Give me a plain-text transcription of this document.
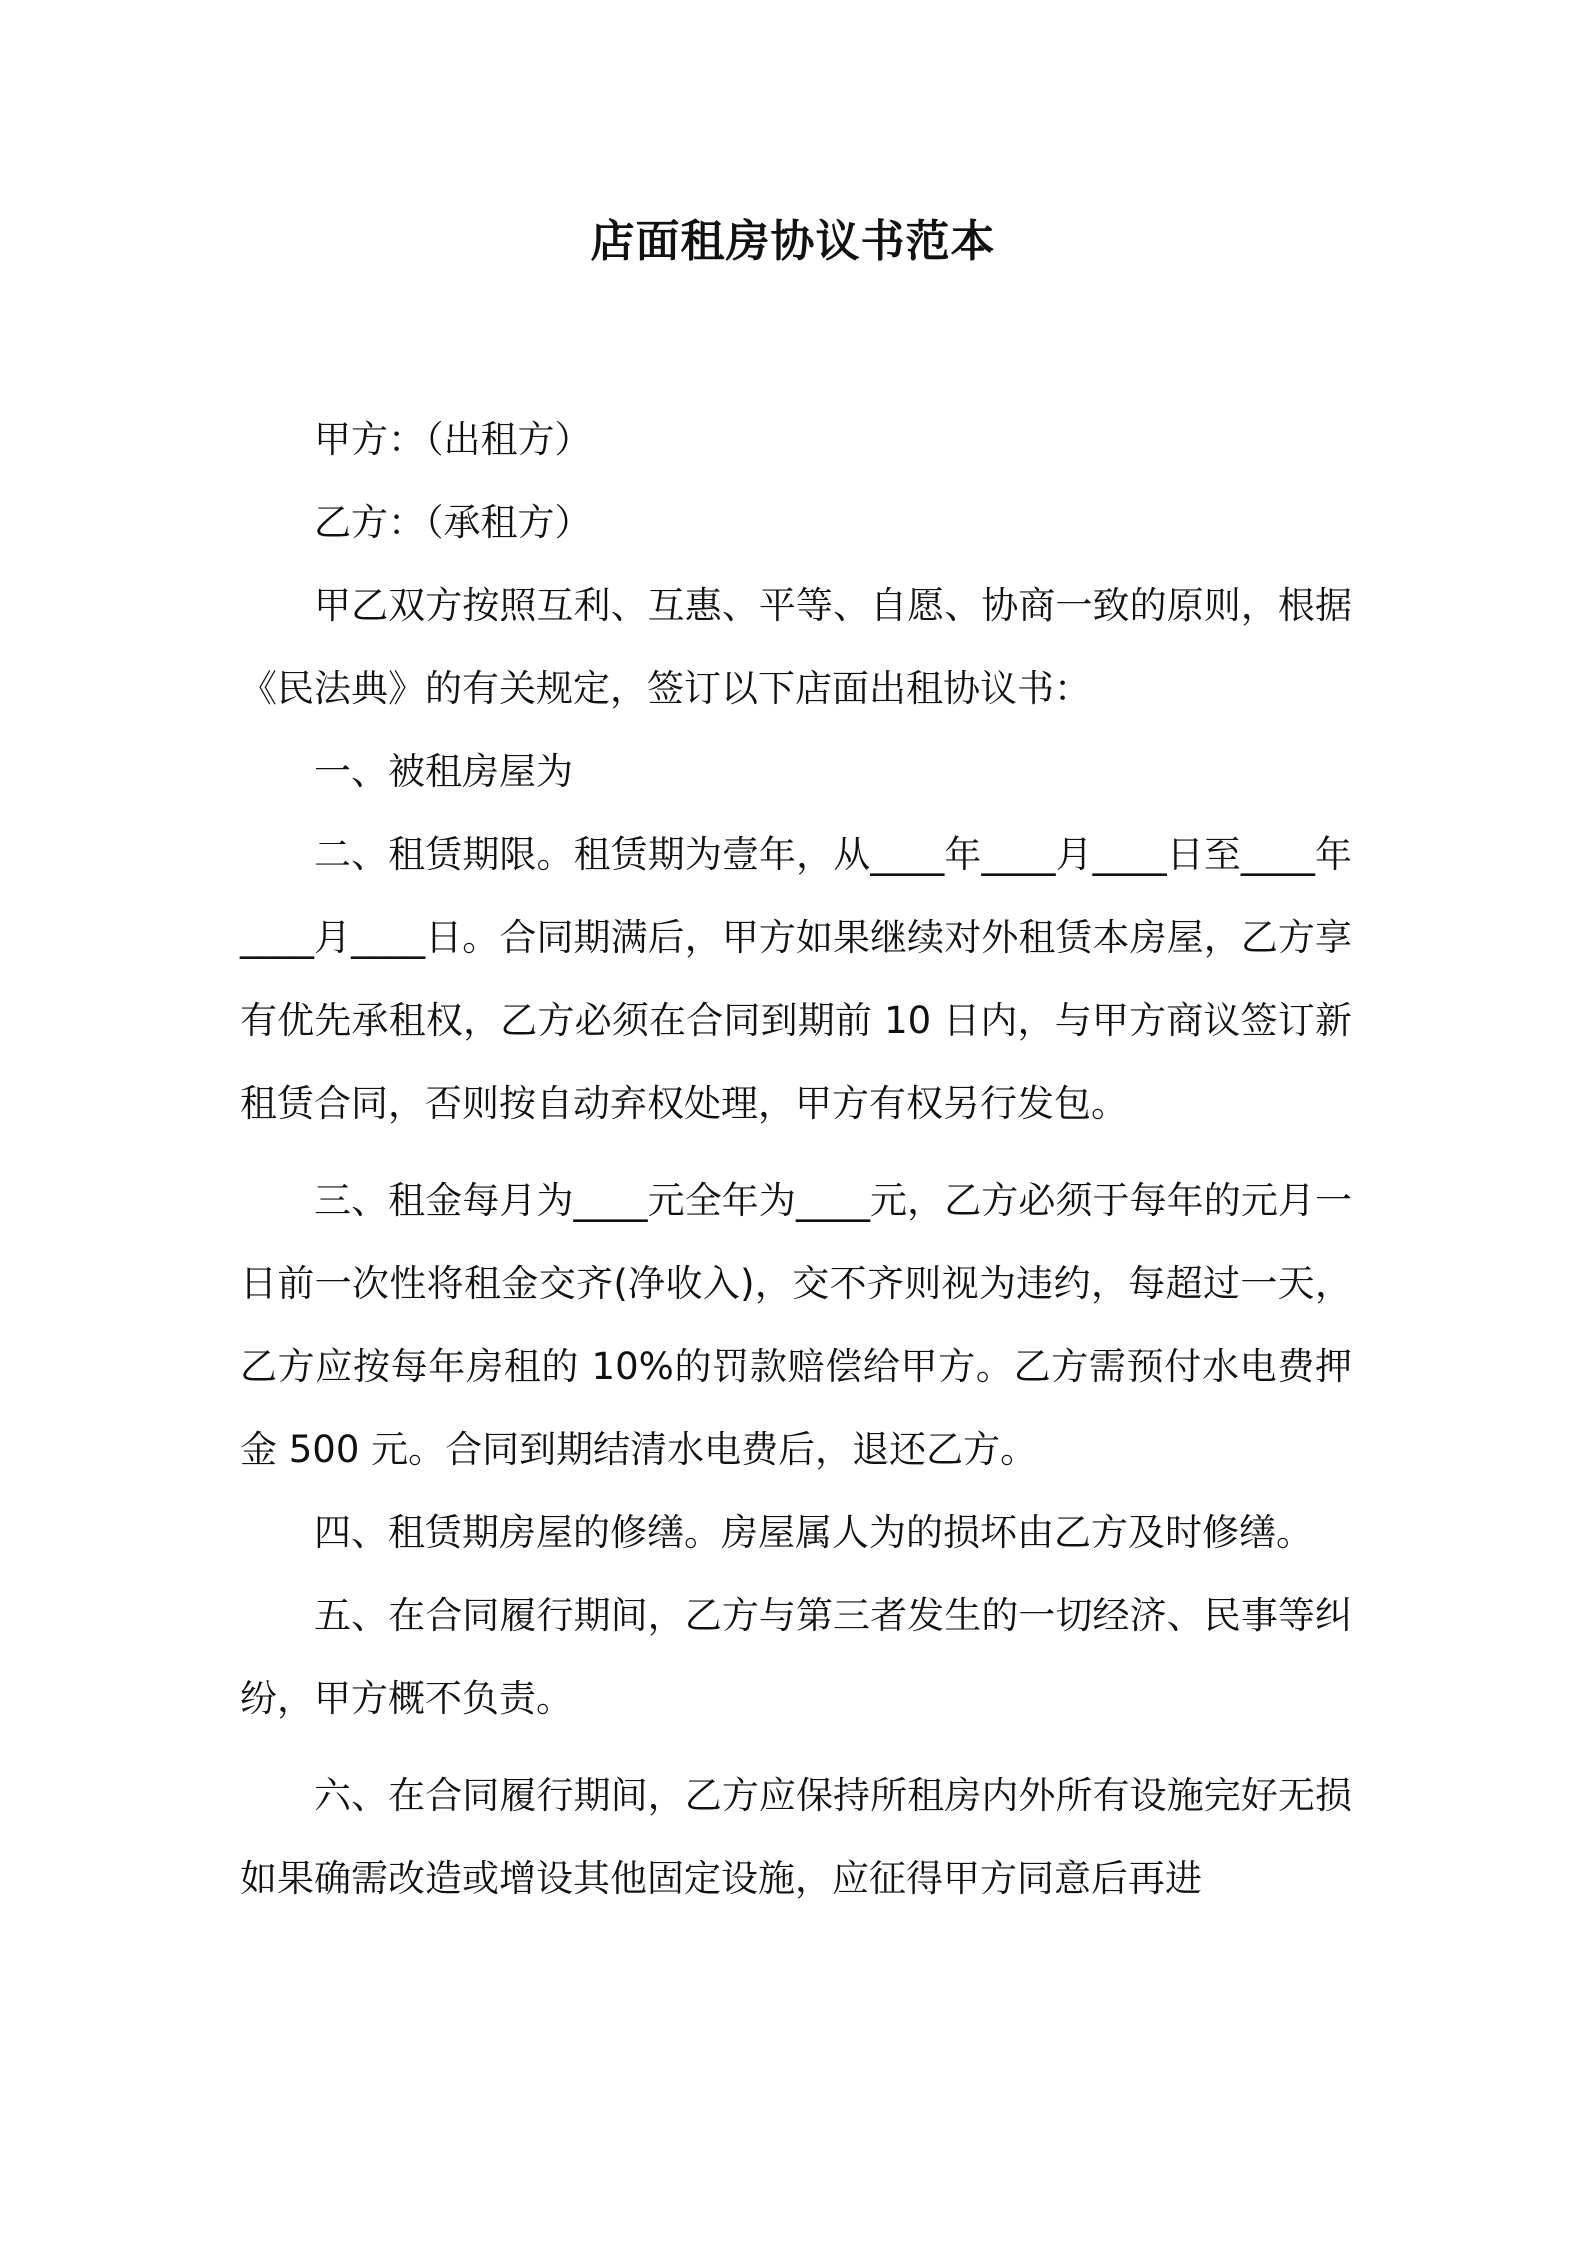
店面租房协议书范本

甲方：（出租方）

乙方：（承租方）

甲乙双方按照互利、互惠、平等、自愿、协商一致的原则，根据《民法典》的有关规定，签订以下店面出租协议书：

一、被租房屋为

二、租赁期限。租赁期为壹年，从____年____月____日至____年____月____日。合同期满后，甲方如果继续对外租赁本房屋，乙方享有优先承租权，乙方必须在合同到期前 10 日内，与甲方商议签订新租赁合同，否则按自动弃权处理，甲方有权另行发包。

三、租金每月为____元全年为____元，乙方必须于每年的元月一日前一次性将租金交齐(净收入)，交不齐则视为违约，每超过一天，乙方应按每年房租的 10%的罚款赔偿给甲方。乙方需预付水电费押金 500 元。合同到期结清水电费后，退还乙方。

四、租赁期房屋的修缮。房屋属人为的损坏由乙方及时修缮。

五、在合同履行期间，乙方与第三者发生的一切经济、民事等纠纷，甲方概不负责。

六、在合同履行期间，乙方应保持所租房内外所有设施完好无损如果确需改造或增设其他固定设施，应征得甲方同意后再进
